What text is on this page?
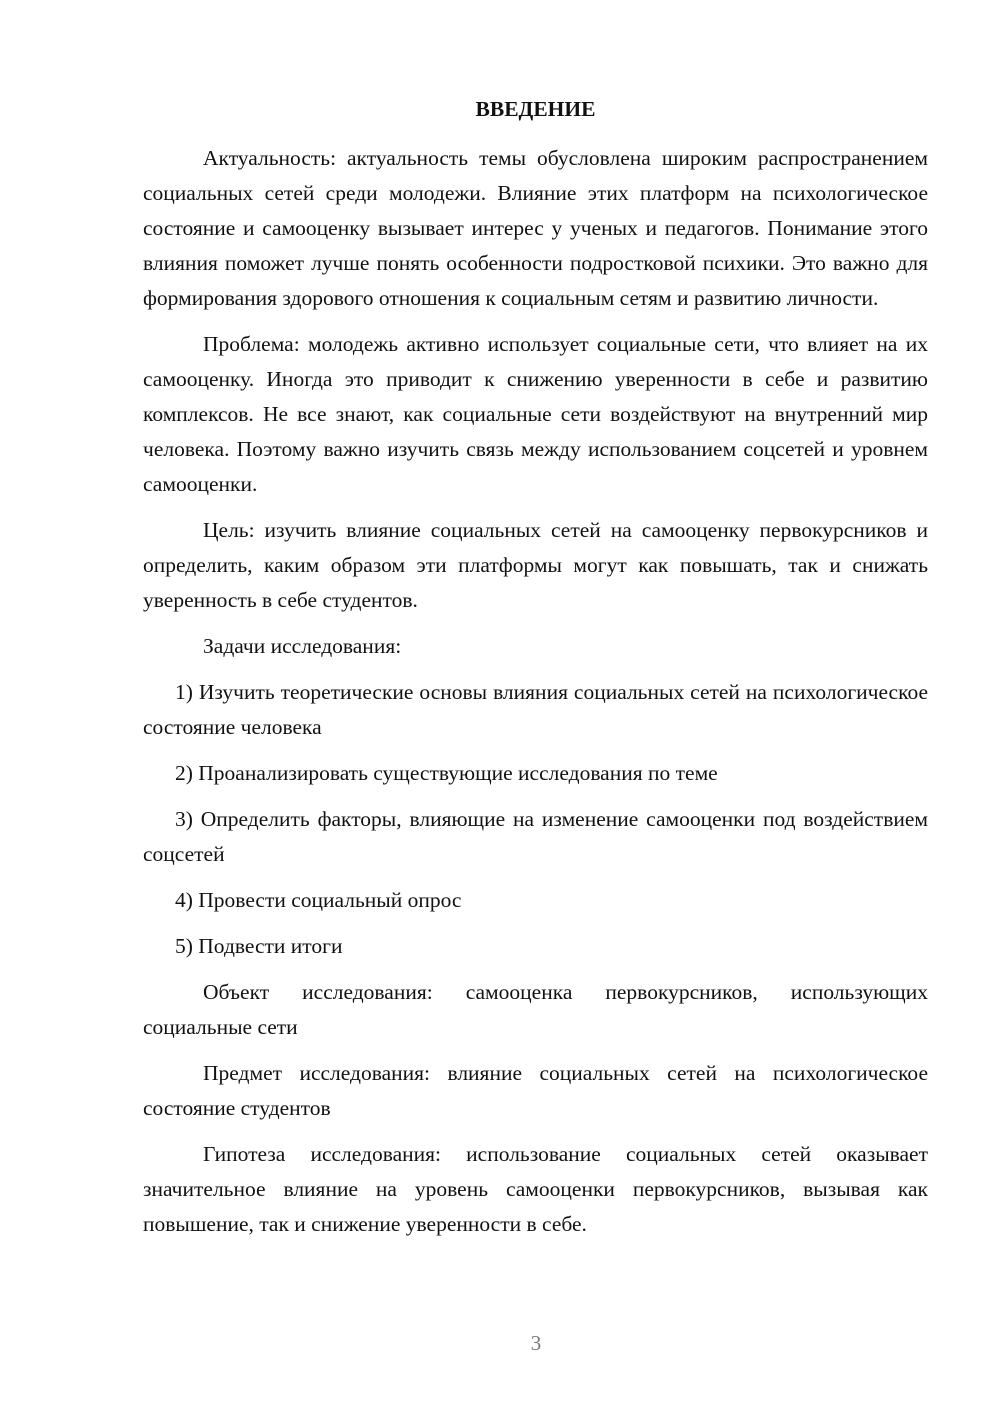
ВВЕДЕНИЕ

Актуальность: актуальность темы обусловлена широким распространением социальных сетей среди молодежи. Влияние этих платформ на психологическое состояние и самооценку вызывает интерес у ученых и педагогов. Понимание этого влияния поможет лучше понять особенности подростковой психики. Это важно для формирования здорового отношения к социальным сетям и развитию личности.

Проблема: молодежь активно использует социальные сети, что влияет на их самооценку. Иногда это приводит к снижению уверенности в себе и развитию комплексов. Не все знают, как социальные сети воздействуют на внутренний мир человека. Поэтому важно изучить связь между использованием соцсетей и уровнем самооценки.

Цель: изучить влияние социальных сетей на самооценку первокурсников и определить, каким образом эти платформы могут как повышать, так и снижать уверенность в себе студентов.

Задачи исследования:

1) Изучить теоретические основы влияния социальных сетей на психологическое состояние человека

2) Проанализировать существующие исследования по теме

3) Определить факторы, влияющие на изменение самооценки под воздействием соцсетей

4) Провести социальный опрос

5) Подвести итоги

Объект исследования: самооценка первокурсников, использующих социальные сети

Предмет исследования: влияние социальных сетей на психологическое состояние студентов

Гипотеза исследования: использование социальных сетей оказывает значительное влияние на уровень самооценки первокурсников, вызывая как повышение, так и снижение уверенности в себе.

3
